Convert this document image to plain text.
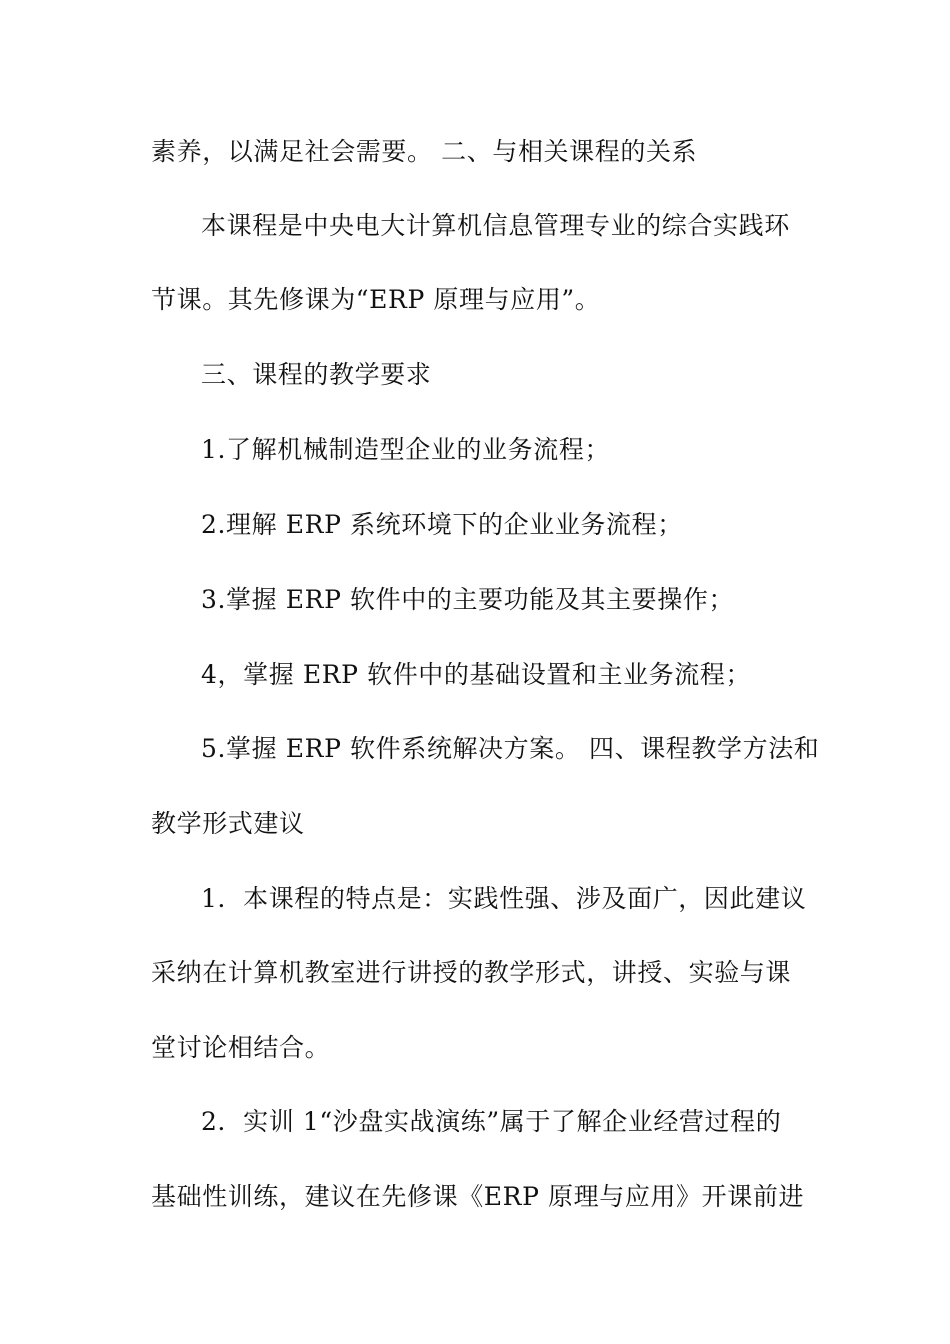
素养，以满足社会需要。 二、与相关课程的关系
本课程是中央电大计算机信息管理专业的综合实践环
节课。其先修课为“ERP 原理与应用”。
三、课程的教学要求
1.了解机械制造型企业的业务流程；
2.理解 ERP 系统环境下的企业业务流程；
3.掌握 ERP 软件中的主要功能及其主要操作；
4，掌握 ERP 软件中的基础设置和主业务流程；
5.掌握 ERP 软件系统解决方案。 四、课程教学方法和
教学形式建议
1．本课程的特点是：实践性强、涉及面广，因此建议
采纳在计算机教室进行讲授的教学形式，讲授、实验与课
堂讨论相结合。
2．实训 1“沙盘实战演练”属于了解企业经营过程的
基础性训练，建议在先修课《ERP 原理与应用》开课前进
